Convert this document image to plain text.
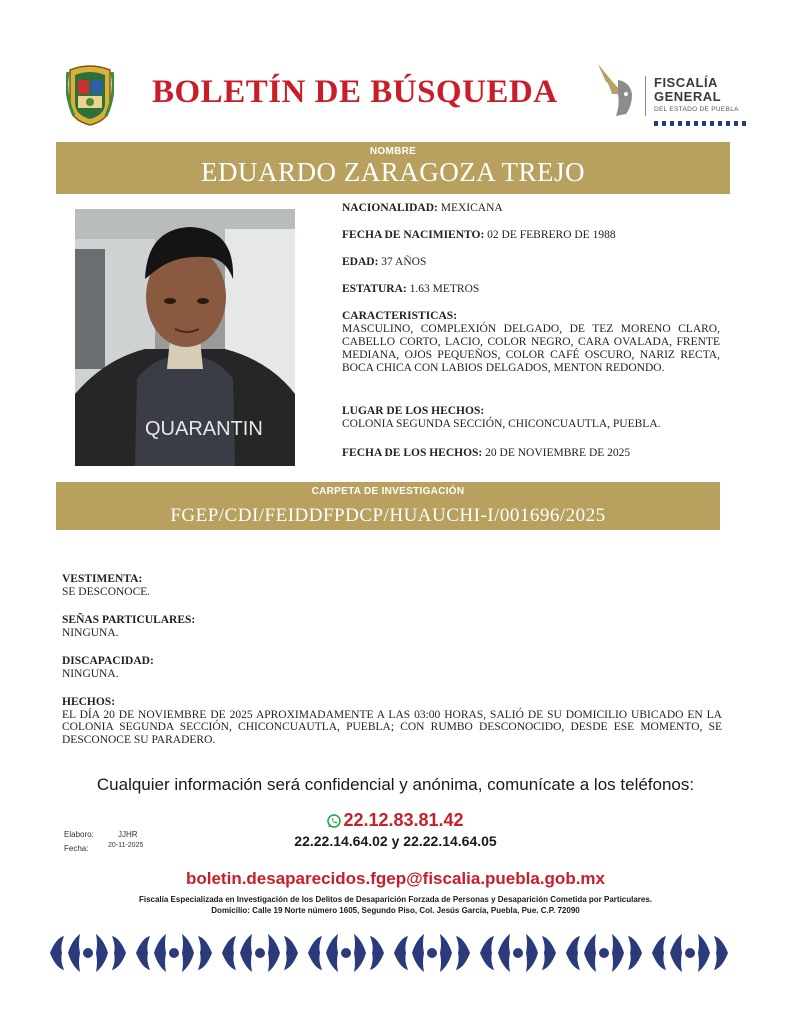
BOLETÍN DE BÚSQUEDA	FISCALÍA
GENERAL
DEL ESTADO DE PUEBLA
NOMBRE
EDUARDO ZARAGOZA TREJO
QUARANTIN
NACIONALIDAD: MEXICANA
FECHA DE NACIMIENTO: 02 DE FEBRERO DE 1988
EDAD: 37 AÑOS
ESTATURA: 1.63 METROS
CARACTERISTICAS:
MASCULINO, COMPLEXIÓN DELGADO, DE TEZ MORENO CLARO, CABELLO CORTO, LACIO, COLOR NEGRO, CARA OVALADA, FRENTE MEDIANA, OJOS PEQUEÑOS, COLOR CAFÉ OSCURO, NARIZ RECTA, BOCA CHICA CON LABIOS DELGADOS, MENTON REDONDO.
LUGAR DE LOS HECHOS:
COLONIA SEGUNDA SECCIÓN, CHICONCUAUTLA, PUEBLA.
FECHA DE LOS HECHOS: 20 DE NOVIEMBRE DE 2025
CARPETA DE INVESTIGACIÓN
FGEP/CDI/FEIDDFPDCP/HUAUCHI-I/001696/2025
VESTIMENTA:
SE DESCONOCE.
SEÑAS PARTICULARES:
NINGUNA.
DISCAPACIDAD:
NINGUNA.
HECHOS:
EL DÍA 20 DE NOVIEMBRE DE 2025 APROXIMADAMENTE A LAS 03:00 HORAS, SALIÓ DE SU DOMICILIO UBICADO EN LA COLONIA SEGUNDA SECCIÓN, CHICONCUAUTLA, PUEBLA; CON RUMBO DESCONOCIDO, DESDE ESE MOMENTO, SE DESCONOCE SU PARADERO.
Cualquier información será confidencial y anónima, comunícate a los teléfonos:
22.12.83.81.42
22.22.14.64.02 y 22.22.14.64.05
Elaboro:	JJHR
Fecha:	20-11-2025
boletin.desaparecidos.fgep@fiscalia.puebla.gob.mx
Fiscalía Especializada en Investigación de los Delitos de Desaparición Forzada de Personas y Desaparición Cometida por Particulares.
Domicilio: Calle 19 Norte número 1605, Segundo Piso, Col. Jesús García, Puebla, Pue. C.P. 72090
